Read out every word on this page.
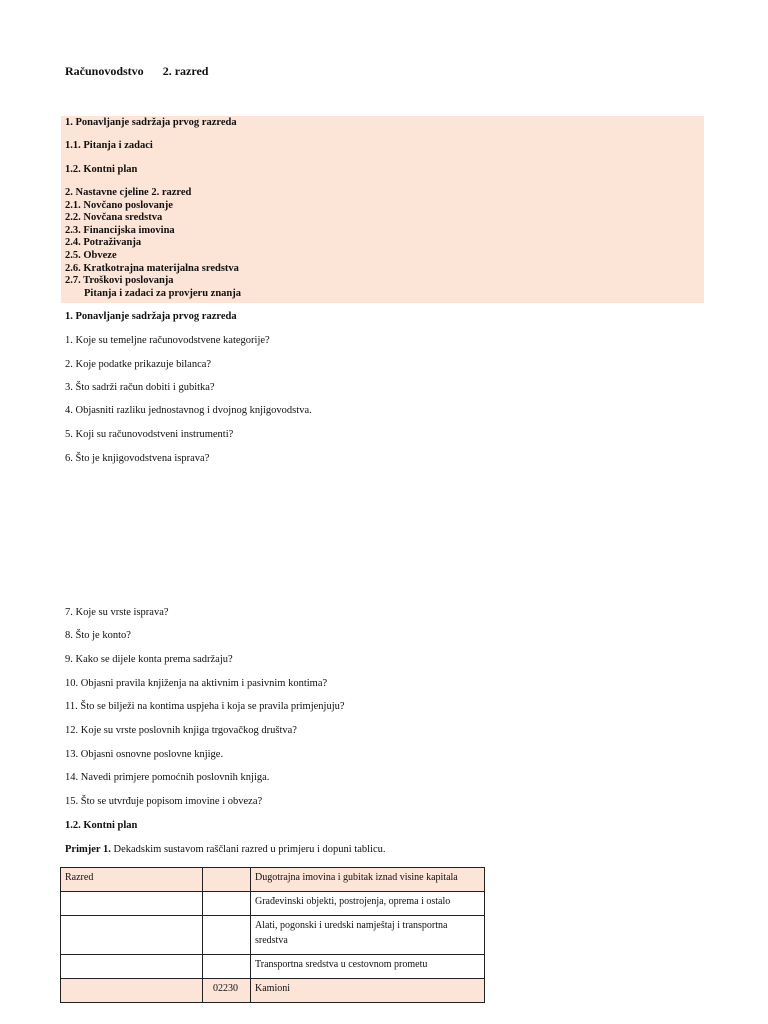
Računovodstvo 2. razred
1. Ponavljanje sadržaja prvog razreda
1.1. Pitanja i zadaci
1.2. Kontni plan
2. Nastavne cjeline 2. razred
2.1. Novčano poslovanje
2.2. Novčana sredstva
2.3. Financijska imovina
2.4. Potraživanja
2.5. Obveze
2.6. Kratkotrajna materijalna sredstva
2.7. Troškovi poslovanja
Pitanja i zadaci za provjeru znanja
1. Ponavljanje sadržaja prvog razreda
1. Koje su temeljne računovodstvene kategorije?
2. Koje podatke prikazuje bilanca?
3. Što sadrži račun dobiti i gubitka?
4. Objasniti razliku jednostavnog i dvojnog knjigovodstva.
5. Koji su računovodstveni instrumenti?
6. Što je knjigovodstvena isprava?
7. Koje su vrste isprava?
8. Što je konto?
9. Kako se dijele konta prema sadržaju?
10. Objasni pravila knjiženja na aktivnim i pasivnim kontima?
11. Što se bilježi na kontima uspjeha i koja se pravila primjenjuju?
12. Koje su vrste poslovnih knjiga trgovačkog društva?
13. Objasni osnovne poslovne knjige.
14. Navedi primjere pomoćnih poslovnih knjiga.
15. Što se utvrđuje popisom imovine i obveza?
1.2. Kontni plan
Primjer 1. Dekadskim sustavom raščlani razred u primjeru i dopuni tablicu.
Razred		Dugotrajna imovina i gubitak iznad visine kapitala

		Građevinski objekti, postrojenja, oprema i ostalo

		Alati, pogonski i uredski namještaj i transportna sredstva

		Transportna sredstva u cestovnom prometu

	02230	Kamioni
